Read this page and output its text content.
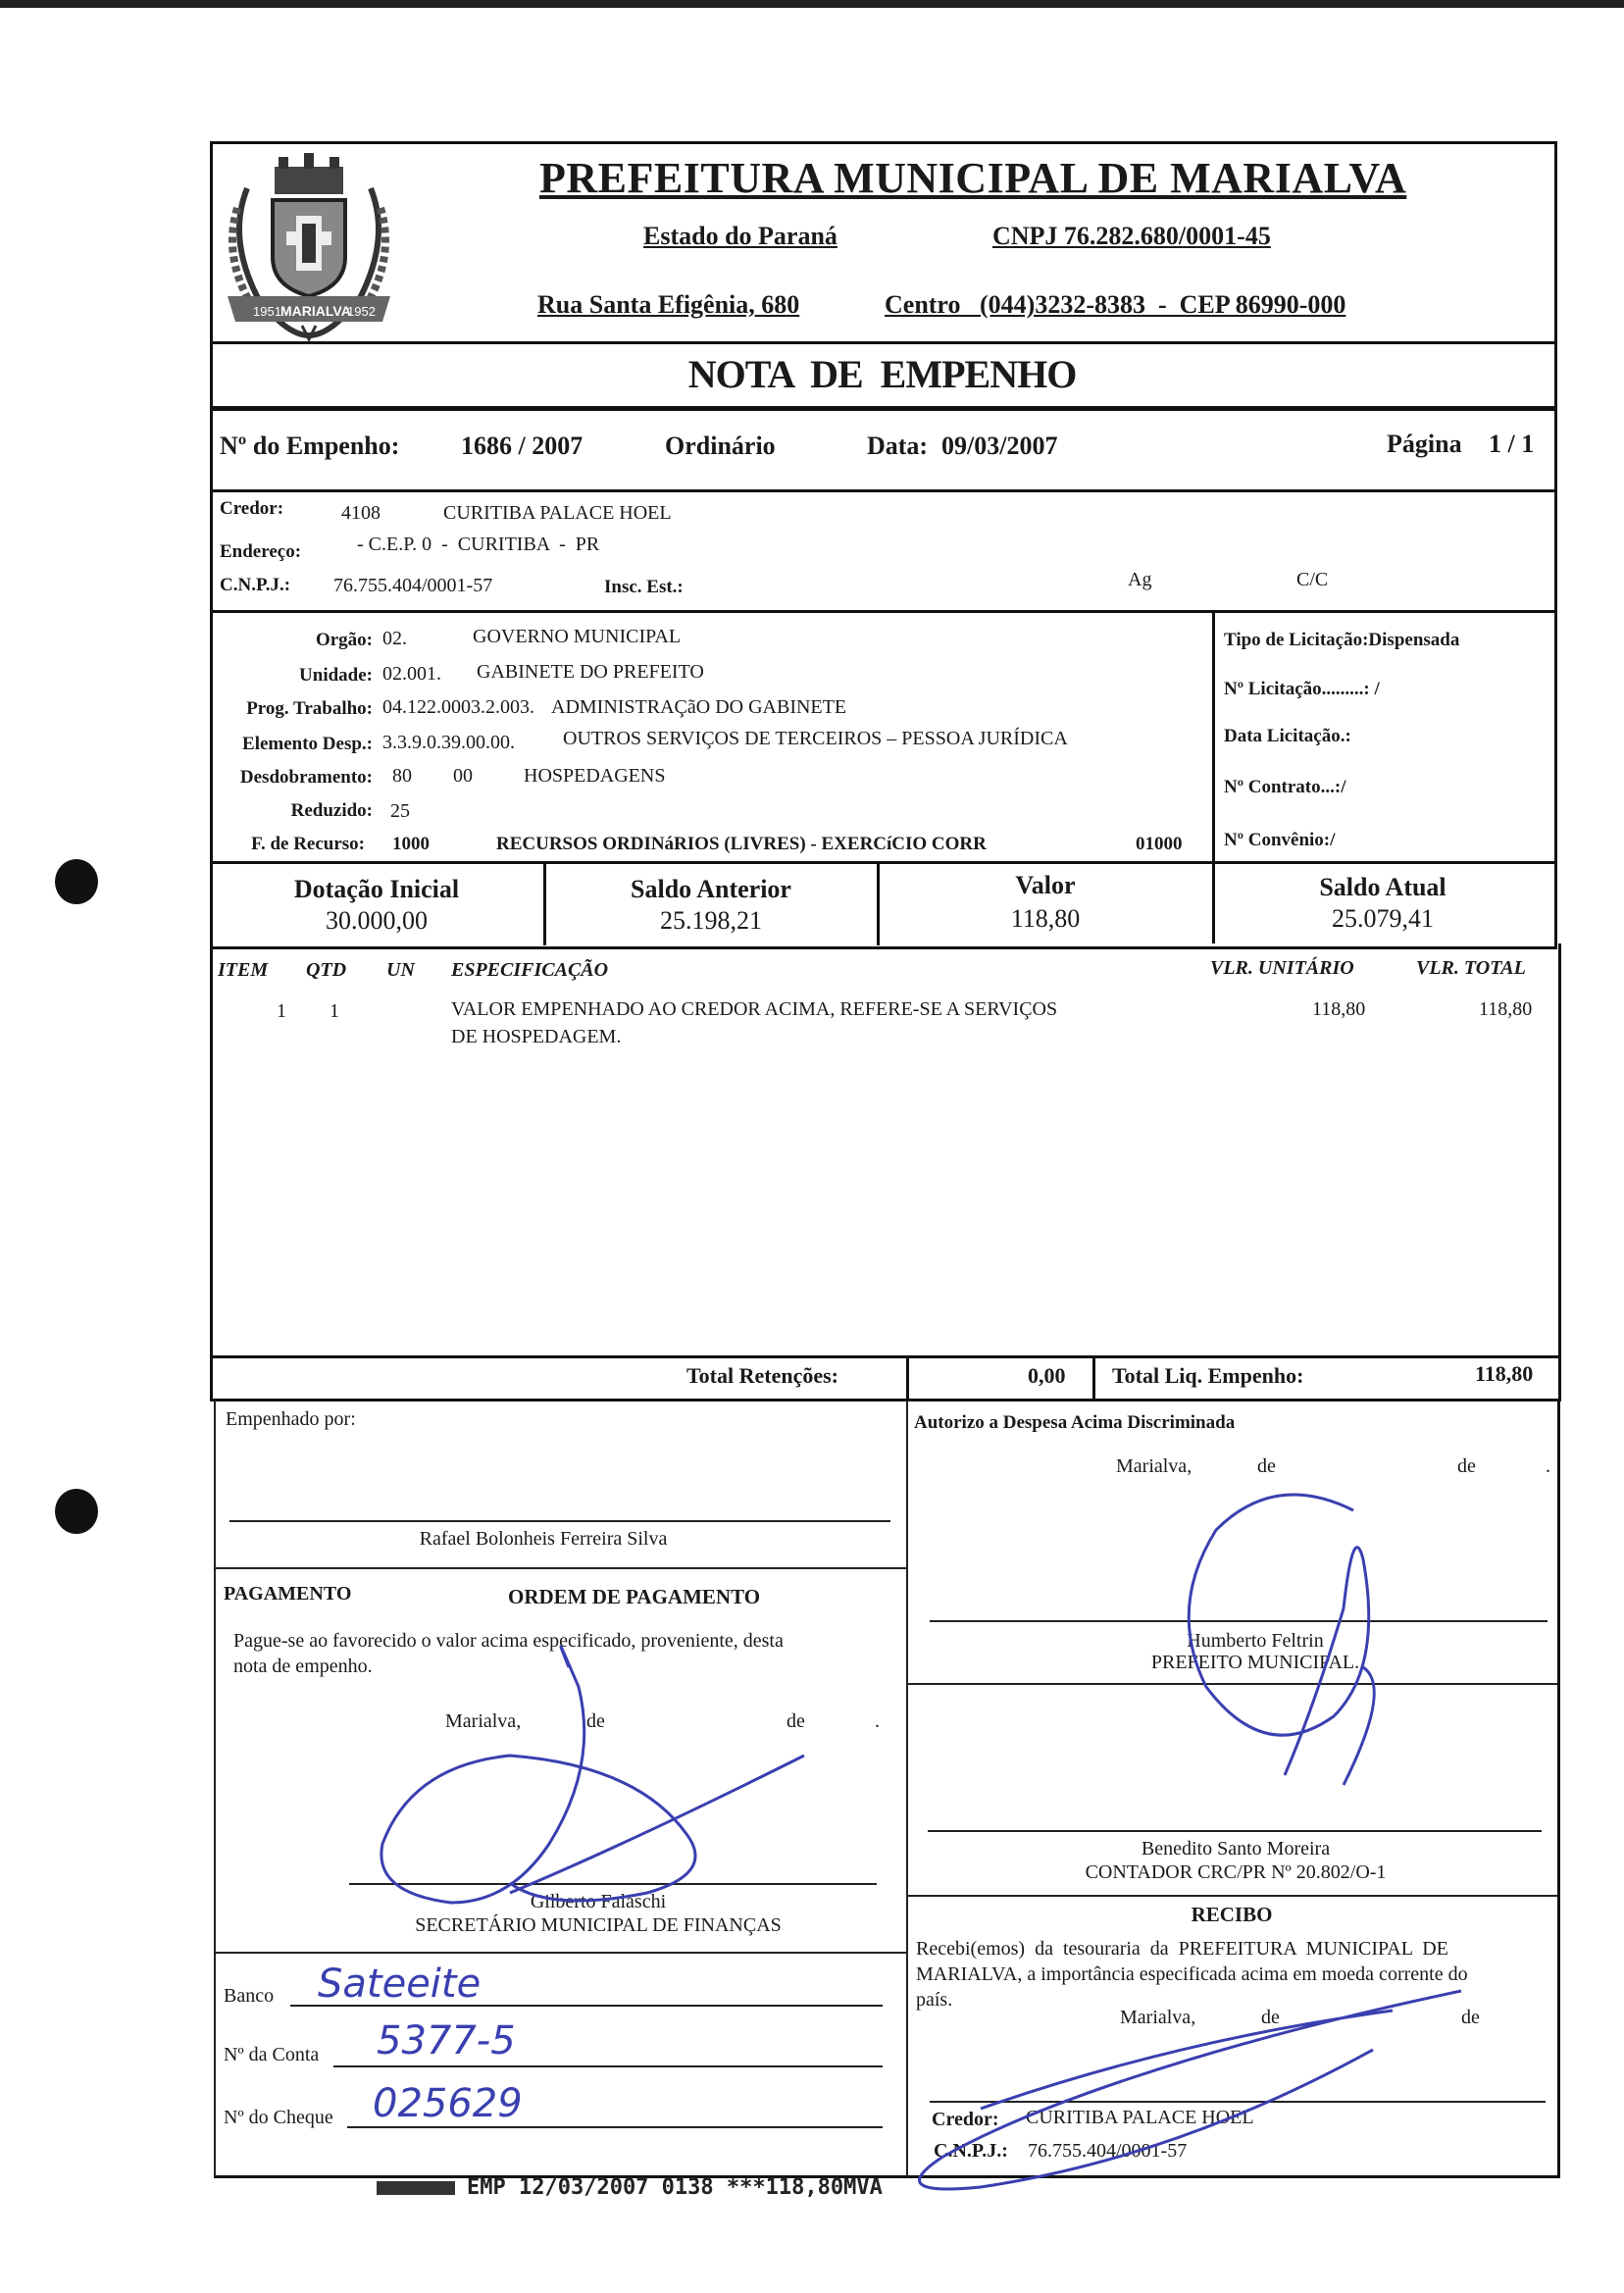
1951 MARIALVA
1952
PREFEITURA MUNICIPAL DE MARIALVA
Estado do Paraná	CNPJ 76.282.680/0001-45
Rua Santa Efigênia, 680	Centro   (044)3232-8383  -  CEP 86990-000
NOTA  DE  EMPENHO
Nº do Empenho: 1686 / 2007	Ordinário	Data: 09/03/2007	Página 1 / 1
Credor:	4108	CURITIBA PALACE HOEL
Endereço:	- C.E.P. 0  -  CURITIBA  -  PR
C.N.P.J.: 76.755.404/0001-57	Insc. Est.:	Ag	C/C
Orgão: 02.	GOVERNO MUNICIPAL
Unidade: 02.001. GABINETE DO PREFEITO
Prog. Trabalho: 04.122.0003.2.003. ADMINISTRAÇãO DO GABINETE
Elemento Desp.: 3.3.9.0.39.00.00. OUTROS SERVIÇOS DE TERCEIROS – PESSOA JURÍDICA
Desdobramento: 80 00	HOSPEDAGENS
Reduzido: 25
F. de Recurso: 1000	RECURSOS ORDINáRIOS (LIVRES) - EXERCíCIO CORR	01000
Tipo de Licitação:Dispensada
Nº Licitação.........: /
Data Licitação.:
Nº Contrato...:/
Nº Convênio:/
Dotação Inicial
30.000,00
Saldo Anterior
25.198,21
Valor
118,80
Saldo Atual
25.079,41
ITEM QTD UN ESPECIFICAÇÃO	VLR. UNITÁRIO	VLR. TOTAL
1 1	VALOR EMPENHADO AO CREDOR ACIMA, REFERE-SE A SERVIÇOS
DE HOSPEDAGEM.
118,80	118,80
Total Retenções:	0,00 Total Liq. Empenho:	118,80
Empenhado por:
Rafael Bolonheis Ferreira Silva
Autorizo a Despesa Acima Discriminada
Marialva,	de	de	.
Humberto Feltrin
PREFEITO MUNICIPAL.
PAGAMENTO	ORDEM DE PAGAMENTO
Pague-se ao favorecido o valor acima especificado, proveniente, desta
nota de empenho.
Marialva,	de	de	.
Gilberto Falaschi
SECRETÁRIO MUNICIPAL DE FINANÇAS
Benedito Santo Moreira
CONTADOR CRC/PR Nº 20.802/O-1
RECIBO
Recebi(emos)  da  tesouraria  da  PREFEITURA  MUNICIPAL  DE
MARIALVA, a importância especificada acima em moeda corrente do
país.
Marialva,	de	de
Credor: CURITIBA PALACE HOEL
C.N.P.J.: 76.755.404/0001-57
Banco Sateeite
Nº da Conta 5377-5
Nº do Cheque 025629
EMP 12/03/2007 0138 ***118,80MVA
